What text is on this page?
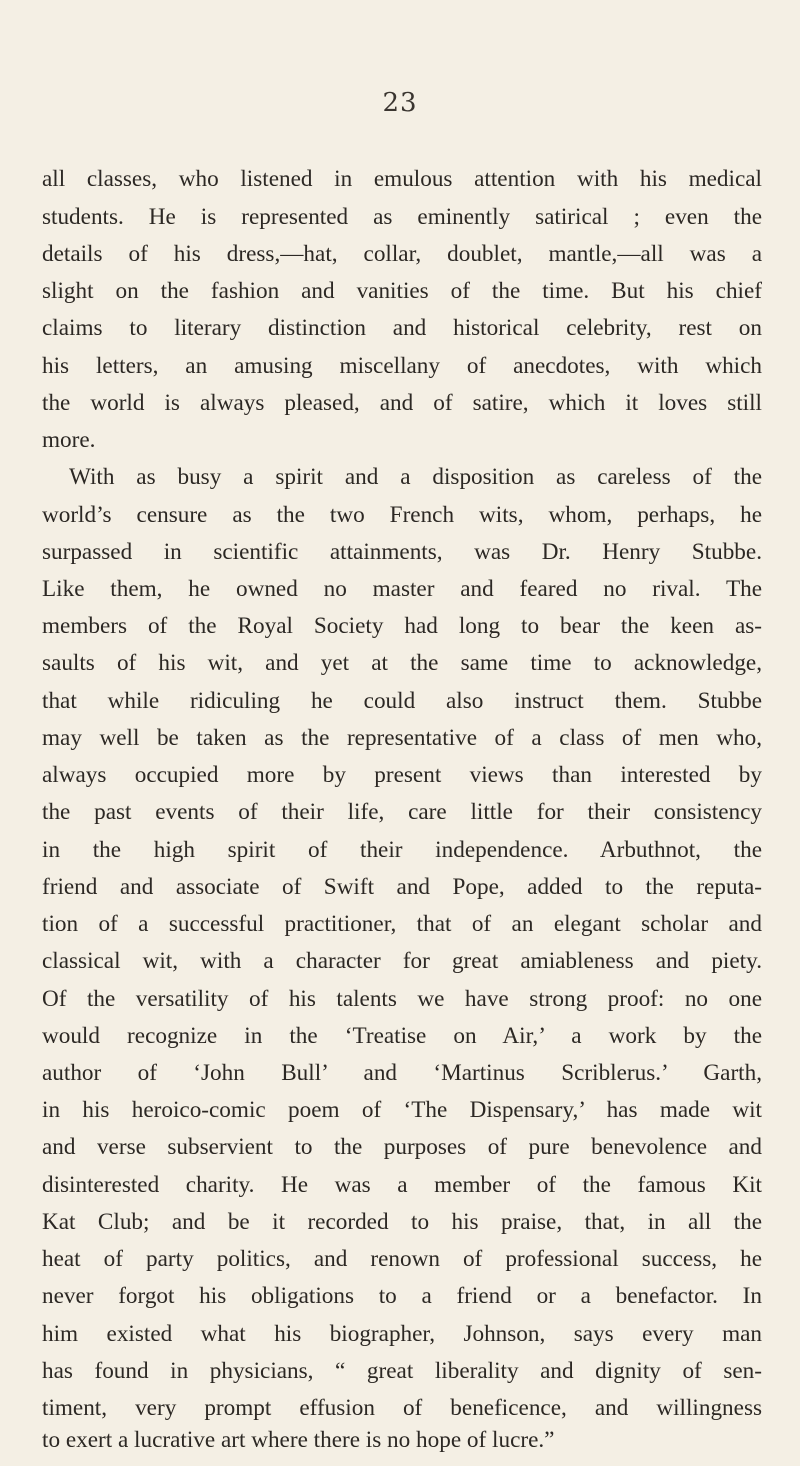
23
all classes, who listened in emulous attention with his medical
students. He is represented as eminently satirical ; even the
details of his dress,—hat, collar, doublet, mantle,—all was a
slight on the fashion and vanities of the time. But his chief
claims to literary distinction and historical celebrity, rest on
his letters, an amusing miscellany of anecdotes, with which
the world is always pleased, and of satire, which it loves still
more.
With as busy a spirit and a disposition as careless of the
world’s censure as the two French wits, whom, perhaps, he
surpassed in scientific attainments, was Dr. Henry Stubbe.
Like them, he owned no master and feared no rival. The
members of the Royal Society had long to bear the keen as-
saults of his wit, and yet at the same time to acknowledge,
that while ridiculing he could also instruct them. Stubbe
may well be taken as the representative of a class of men who,
always occupied more by present views than interested by
the past events of their life, care little for their consistency
in the high spirit of their independence. Arbuthnot, the
friend and associate of Swift and Pope, added to the reputa-
tion of a successful practitioner, that of an elegant scholar and
classical wit, with a character for great amiableness and piety.
Of the versatility of his talents we have strong proof: no one
would recognize in the ‘Treatise on Air,’ a work by the
author of ‘John Bull’ and ‘Martinus Scriblerus.’ Garth,
in his heroico-comic poem of ‘The Dispensary,’ has made wit
and verse subservient to the purposes of pure benevolence and
disinterested charity. He was a member of the famous Kit
Kat Club; and be it recorded to his praise, that, in all the
heat of party politics, and renown of professional success, he
never forgot his obligations to a friend or a benefactor. In
him existed what his biographer, Johnson, says every man
has found in physicians, “ great liberality and dignity of sen-
timent, very prompt effusion of beneficence, and willingness
to exert a lucrative art where there is no hope of lucre.”
